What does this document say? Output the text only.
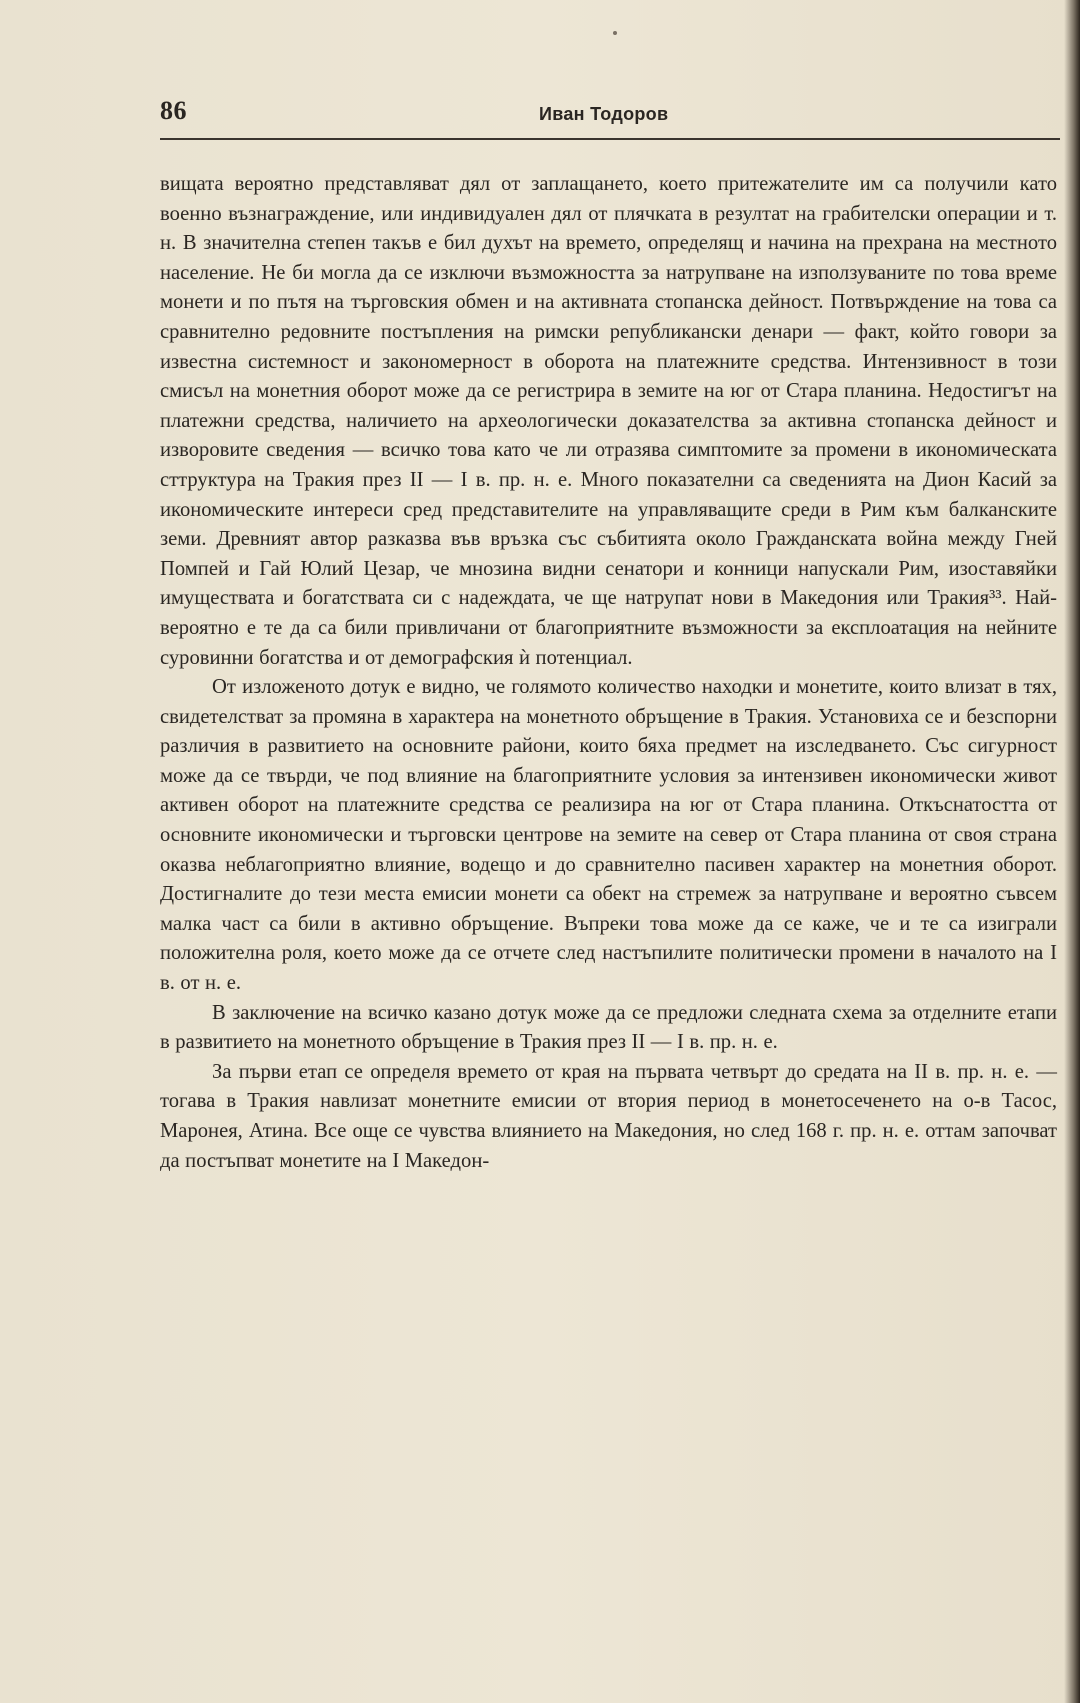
86	Иван Тодоров

вищата вероятно представляват дял от заплащането, което притежателите им са получили като военно възнаграждение, или индивидуален дял от плячката в резултат на грабителски операции и т. н. В значителна степен такъв е бил духът на времето, определящ и начина на прехрана на местното население. Не би могла да се изключи възможността за натрупване на използуваните по това време монети и по пътя на търговския обмен и на активната стопанска дейност. Потвърждение на това са сравнително редовните постъпления на римски републикански денари — факт, който говори за известна системност и закономерност в оборота на платежните средства. Интензивност в този смисъл на монетния оборот може да се регистрира в земите на юг от Стара планина. Недостигът на платежни средства, наличието на археологически доказателства за активна стопанска дейност и изворовите сведения — всичко това като че ли отразява симптомите за промени в икономическата сттруктура на Тракия през II — I в. пр. н. е. Много показателни са сведенията на Дион Касий за икономическите интереси сред представителите на управляващите среди в Рим към балканските земи. Древният автор разказва във връзка със събитията около Гражданската война между Гней Помпей и Гай Юлий Цезар, че мнозина видни сенатори и конници напускали Рим, изоставяйки имуществата и богатствата си с надеждата, че ще натрупат нови в Македония или Тракия³³. Най-вероятно е те да са били привличани от благоприятните възможности за експлоатация на нейните суровинни богатства и от демографския ѝ потенциал.

От изложеното дотук е видно, че голямото количество находки и монетите, които влизат в тях, свидетелстват за промяна в характера на монетното обръщение в Тракия. Установиха се и безспорни различия в развитието на основните райони, които бяха предмет на изследването. Със сигурност може да се твърди, че под влияние на благоприятните условия за интензивен икономически живот активен оборот на платежните средства се реализира на юг от Стара планина. Откъснатостта от основните икономически и търговски центрове на земите на север от Стара планина от своя страна оказва неблагоприятно влияние, водещо и до сравнително пасивен характер на монетния оборот. Достигналите до тези места емисии монети са обект на стремеж за натрупване и вероятно съвсем малка част са били в активно обръщение. Въпреки това може да се каже, че и те са изиграли положителна роля, което може да се отчете след настъпилите политически промени в началото на I в. от н. е.

В заключение на всичко казано дотук може да се предложи следната схема за отделните етапи в развитието на монетното обръщение в Тракия през II — I в. пр. н. е.

За първи етап се определя времето от края на първата четвърт до средата на II в. пр. н. е. — тогава в Тракия навлизат монетните емисии от втория период в монетосеченето на о-в Тасос, Маронея, Атина. Все още се чувства влиянието на Македония, но след 168 г. пр. н. е. оттам започват да постъпват монетите на I Македон-
